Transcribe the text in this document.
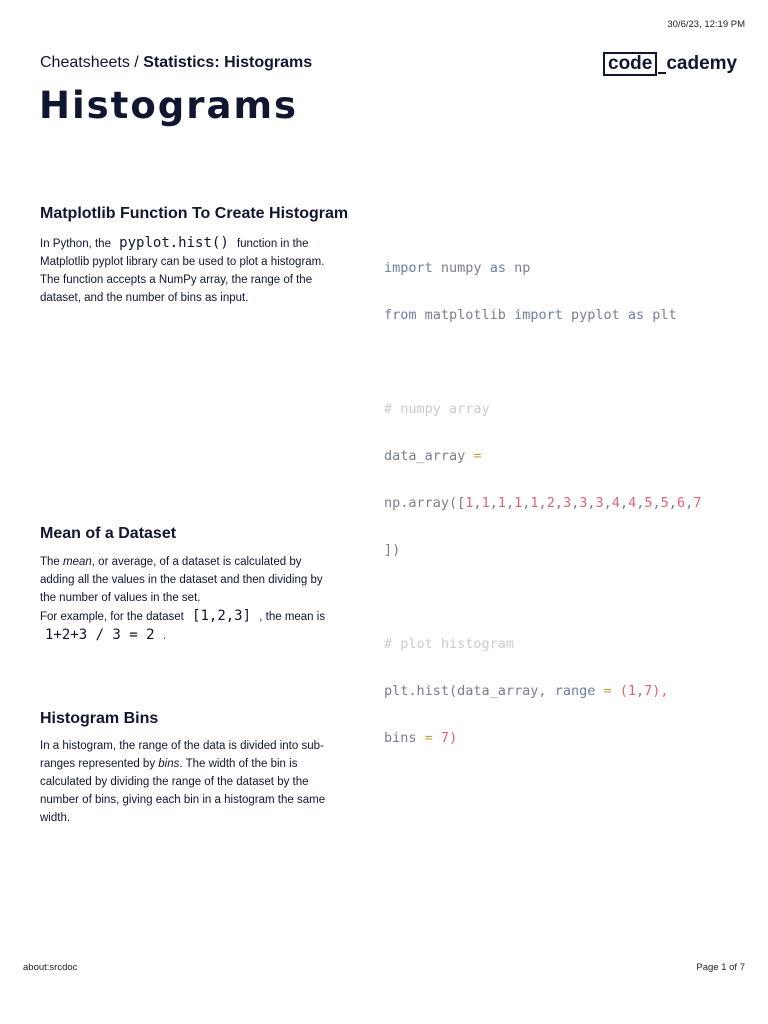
30/6/23, 12:19 PM
Cheatsheets / Statistics: Histograms	code cademy
Histograms
Matplotlib Function To Create Histogram

In Python, the pyplot.hist() function in the Matplotlib pyplot library can be used to plot a histogram. The function accepts a NumPy array, the range of the dataset, and the number of bins as input.

import numpy as np

from matplotlib import pyplot as plt

# numpy array

data_array =

np.array([1,1,1,1,1,2,3,3,3,4,4,5,5,6,7

])

# plot histogram

plt.hist(data_array, range = (1,7),

bins = 7)

Mean of a Dataset

The mean, or average, of a dataset is calculated by adding all the values in the dataset and then dividing by the number of values in the set.

For example, for the dataset [1,2,3] , the mean is 1+2+3 / 3 = 2 .

Histogram Bins

In a histogram, the range of the data is divided into sub-ranges represented by bins. The width of the bin is calculated by dividing the range of the dataset by the number of bins, giving each bin in a histogram the same width.

about:srcdoc	Page 1 of 7
